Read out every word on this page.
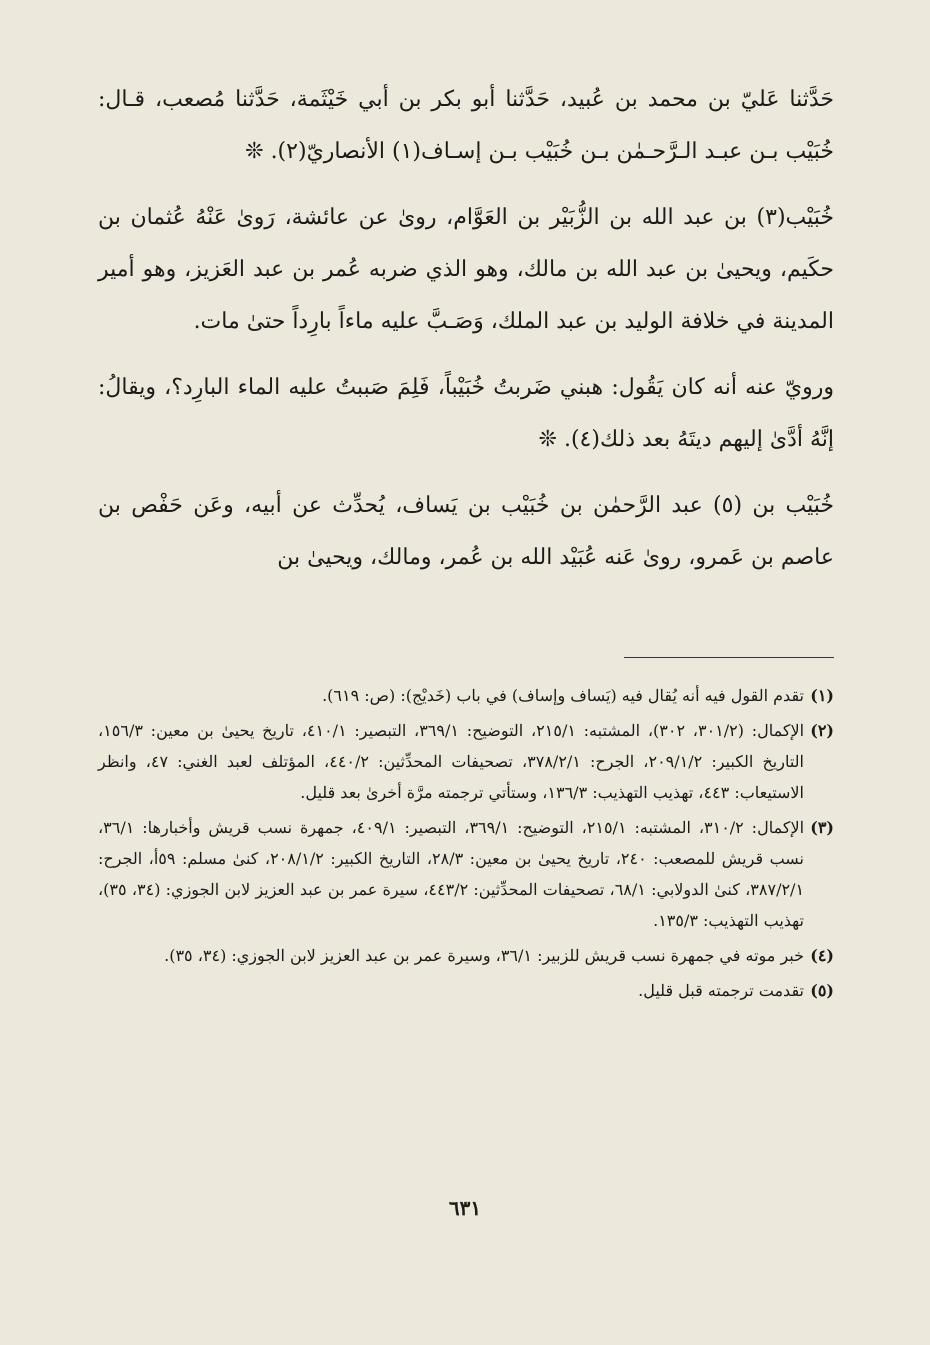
حَدَّثنا عَليّ بن محمد بن عُبيد، حَدَّثنا أبو بكر بن أبي خَيْثَمة، حَدَّثنا مُصعب، قـال: خُبَيْب بـن عبـد الـرَّحـمٰن بـن خُبَيْب بـن إسـاف(١) الأنصاريّ(٢). ❊

خُبَيْب(٣) بن عبد الله بن الزُّبَيْر بن العَوَّام، روىٰ عن عائشة، رَوىٰ عَنْهُ عُثمان بن حكَيم، ويحيىٰ بن عبد الله بن مالك، وهو الذي ضربه عُمر بن عبد العَزيز، وهو أمير المدينة في خلافة الوليد بن عبد الملك، وَصَـبَّ عليه ماءاً بارِداً حتىٰ مات.

ورويّ عنه أنه كان يَقُول: هبني ضَربتُ خُبَيْباً، فَلِمَ صَببتُ عليه الماء البارِد؟، ويقالُ: إنَّهُ أدَّىٰ إليهم ديتَهُ بعد ذلك(٤). ❊

خُبَيْب بن (٥) عبد الرَّحمٰن بن خُبَيْب بن يَساف، يُحدِّث عن أبيه، وعَن حَفْص بن عاصم بن عَمرو، روىٰ عَنه عُبَيْد الله بن عُمر، ومالك، ويحيىٰ بن

(١)
تقدم القول فيه أنه يُقال فيه (يَساف وإساف) في باب (خَديْج): (ص: ٦١٩).
(٢)
الإكمال: (٣٠١/٢، ٣٠٢)، المشتبه: ٢١٥/١، التوضيح: ٣٦٩/١، التبصير: ٤١٠/١، تاريخ يحيىٰ بن معين: ١٥٦/٣، التاريخ الكبير: ٢٠٩/١/٢، الجرح: ٣٧٨/٢/١، تصحيفات المحدِّثين: ٤٤٠/٢، المؤتلف لعبد الغني: ٤٧، وانظر الاستيعاب: ٤٤٣، تهذيب التهذيب: ١٣٦/٣، وستأتي ترجمته مرَّة أخرىٰ بعد قليل.
(٣)
الإكمال: ٣١٠/٢، المشتبه: ٢١٥/١، التوضيح: ٣٦٩/١، التبصير: ٤٠٩/١، جمهرة نسب قريش وأخبارها: ٣٦/١، نسب قريش للمصعب: ٢٤٠، تاريخ يحيىٰ بن معين: ٢٨/٣، التاريخ الكبير: ٢٠٨/١/٢، كنىٰ مسلم: ٥٩أ، الجرح: ٣٨٧/٢/١، كنىٰ الدولابي: ٦٨/١، تصحيفات المحدِّثين: ٤٤٣/٢، سيرة عمر بن عبد العزيز لابن الجوزي: (٣٤، ٣٥)، تهذيب التهذيب: ١٣٥/٣.
(٤)
خبر موته في جمهرة نسب قريش للزبير: ٣٦/١، وسيرة عمر بن عبد العزيز لابن الجوزي: (٣٤، ٣٥).
(٥)
تقدمت ترجمته قبل قليل.
٦٣١
